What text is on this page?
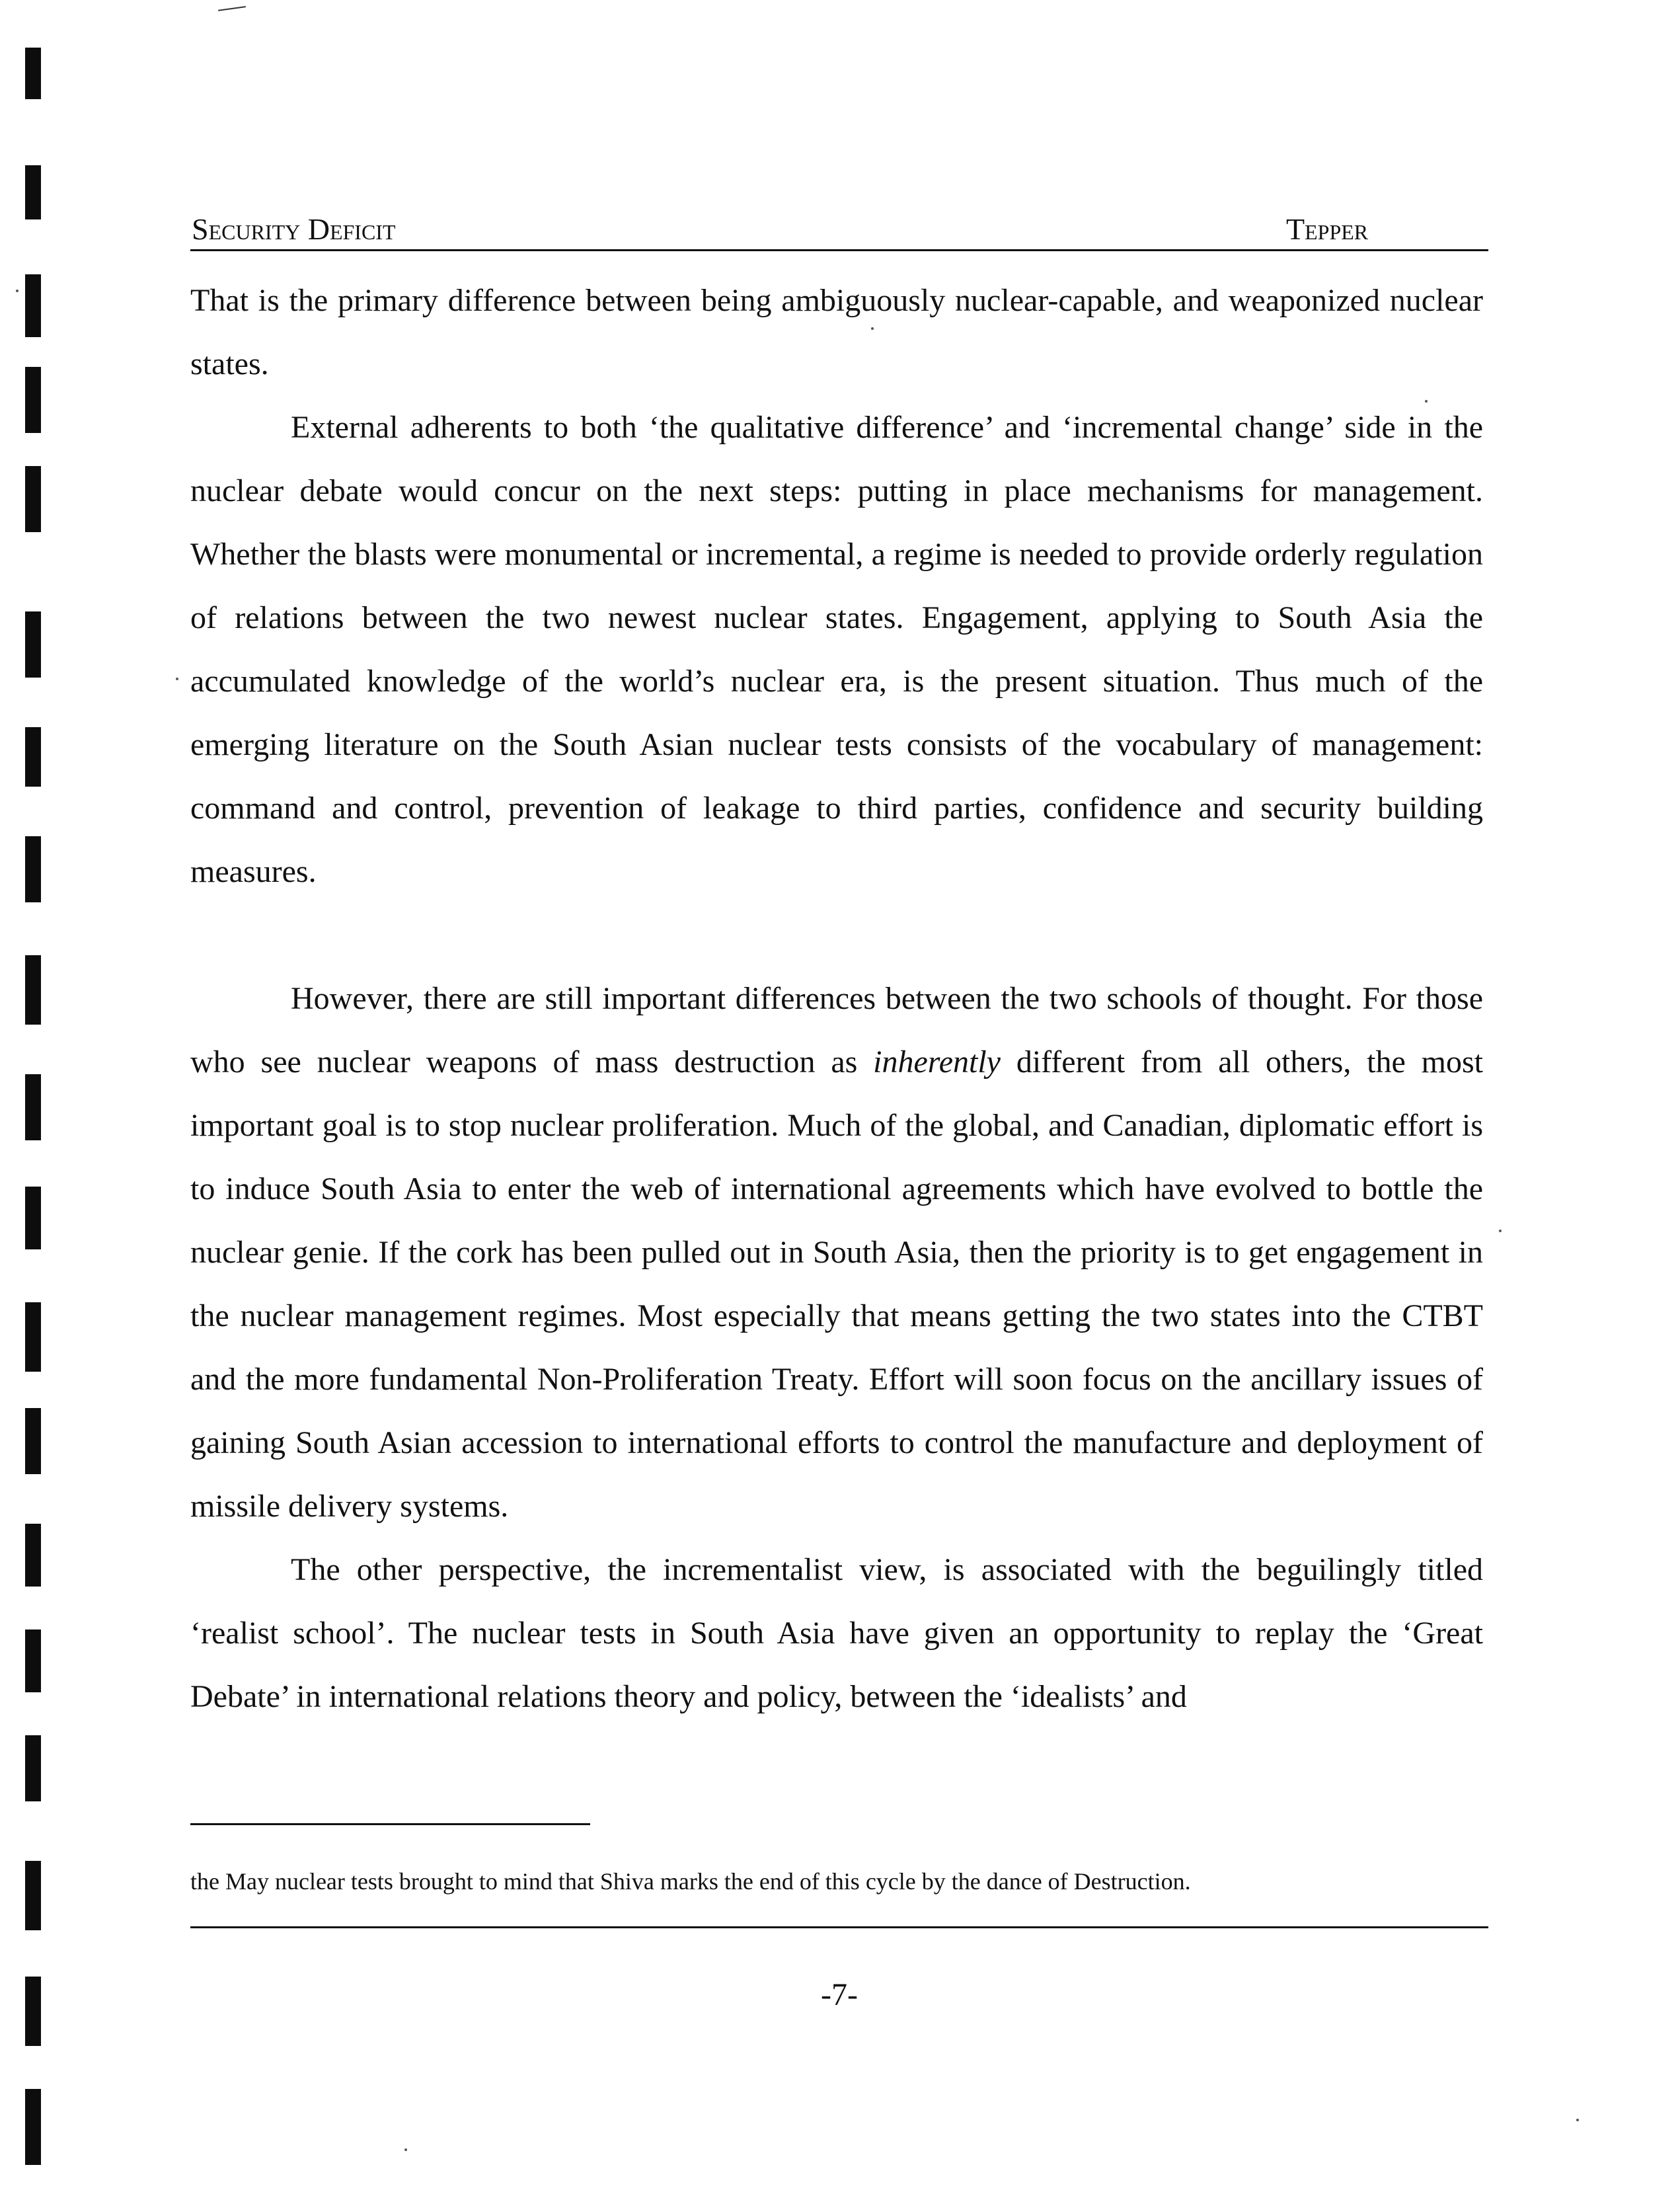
Security Deficit	Tepper

That is the primary difference between being ambiguously nuclear-capable, and weaponized nuclear states.

External adherents to both ‘the qualitative difference’ and ‘incremental change’ side in the nuclear debate would concur on the next steps: putting in place mechanisms for management. Whether the blasts were monumental or incremental, a regime is needed to provide orderly regulation of relations between the two newest nuclear states. Engagement, applying to South Asia the accumulated knowledge of the world’s nuclear era, is the present situation. Thus much of the emerging literature on the South Asian nuclear tests consists of the vocabulary of management: command and control, prevention of leakage to third parties, confidence and security building measures.

However, there are still important differences between the two schools of thought. For those who see nuclear weapons of mass destruction as inherently different from all others, the most important goal is to stop nuclear proliferation. Much of the global, and Canadian, diplomatic effort is to induce South Asia to enter the web of international agreements which have evolved to bottle the nuclear genie. If the cork has been pulled out in South Asia, then the priority is to get engagement in the nuclear management regimes. Most especially that means getting the two states into the CTBT and the more fundamental Non-Proliferation Treaty. Effort will soon focus on the ancillary issues of gaining South Asian accession to international efforts to control the manufacture and deployment of missile delivery systems.

The other perspective, the incrementalist view, is associated with the beguilingly titled ‘realist school’. The nuclear tests in South Asia have given an opportunity to replay the ‘Great Debate’ in international relations theory and policy, between the ‘idealists’ and

the May nuclear tests brought to mind that Shiva marks the end of this cycle by the dance of Destruction.
-7-
